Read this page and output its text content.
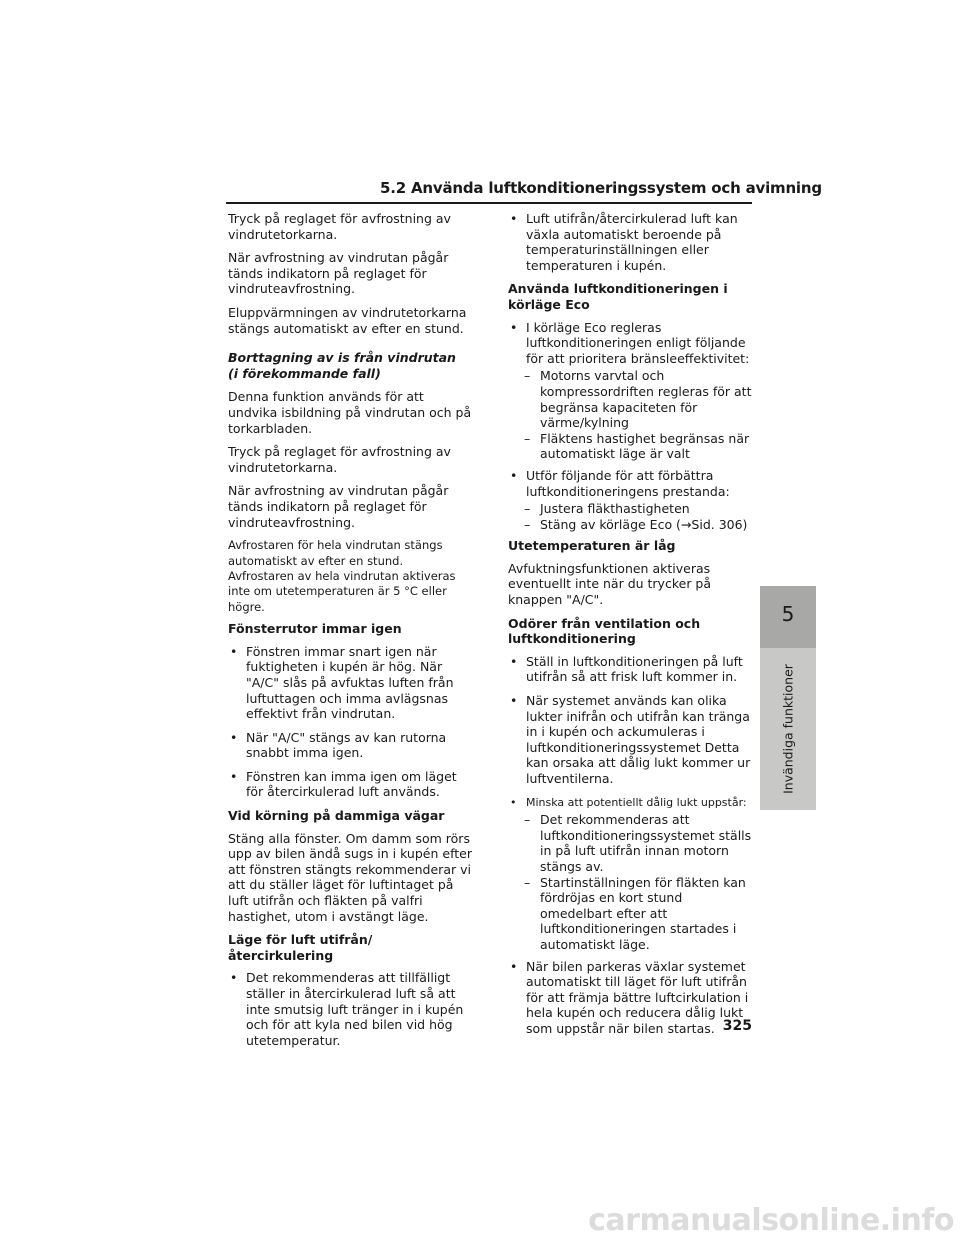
5.2 Använda luftkonditioneringssystem och avimning

Tryck på reglaget för avfrostning av vindrutetorkarna.

När avfrostning av vindrutan pågår tänds indikatorn på reglaget för vindruteavfrostning.

Eluppvärmningen av vindrutetorkarna stängs automatiskt av efter en stund.

Borttagning av is från vindrutan
(i förekommande fall)

Denna funktion används för att undvika isbildning på vindrutan och på torkarbladen.

Tryck på reglaget för avfrostning av vindrutetorkarna.

När avfrostning av vindrutan pågår tänds indikatorn på reglaget för vindruteavfrostning.

Avfrostaren för hela vindrutan stängs automatiskt av efter en stund. Avfrostaren av hela vindrutan aktiveras inte om utetemperaturen är 5 °C eller högre.

Fönsterrutor immar igen
• Fönstren immar snart igen när fuktigheten i kupén är hög. När "A/C" slås på avfuktas luften från luftuttagen och imma avlägsnas effektivt från vindrutan.
• När "A/C" stängs av kan rutorna snabbt imma igen.
• Fönstren kan imma igen om läget för återcirkulerad luft används.
Vid körning på dammiga vägar

Stäng alla fönster. Om damm som rörs upp av bilen ändå sugs in i kupén efter att fönstren stängts rekommenderar vi att du ställer läget för luftintaget på luft utifrån och fläkten på valfri hastighet, utom i avstängt läge.

Läge för luft utifrån/återcirkulering
• Det rekommenderas att tillfälligt ställer in återcirkulerad luft så att inte smutsig luft tränger in i kupén och för att kyla ned bilen vid hög utetemperatur.
• Luft utifrån/återcirkulerad luft kan växla automatiskt beroende på temperaturinställningen eller temperaturen i kupén.
Använda luftkonditioneringen i körläge Eco
• I körläge Eco regleras luftkonditioneringen enligt följande för att prioritera bränsleeffektivitet:
– Motorns varvtal och kompressordriften regleras för att begränsa kapaciteten för värme/kylning
– Fläktens hastighet begränsas när automatiskt läge är valt
• Utför följande för att förbättra luftkonditioneringens prestanda:
– Justera fläkthastigheten
– Stäng av körläge Eco (→Sid. 306)
Utetemperaturen är låg

Avfuktningsfunktionen aktiveras eventuellt inte när du trycker på knappen "A/C".

Odörer från ventilation och luftkonditionering
• Ställ in luftkonditioneringen på luft utifrån så att frisk luft kommer in.
• När systemet används kan olika lukter inifrån och utifrån kan tränga in i kupén och ackumuleras i luftkonditioneringssystemet Detta kan orsaka att dålig lukt kommer ur luftventilerna.
• Minska att potentiellt dålig lukt uppstår:
– Det rekommenderas att luftkonditioneringssystemet ställs in på luft utifrån innan motorn stängs av.
– Startinställningen för fläkten kan fördröjas en kort stund omedelbart efter att luftkonditioneringen startades i automatiskt läge.
• När bilen parkeras växlar systemet automatiskt till läget för luft utifrån för att främja bättre luftcirkulation i hela kupén och reducera dålig lukt som uppstår när bilen startas.
5
Invändiga funktioner
325
carmanualsonline.info
